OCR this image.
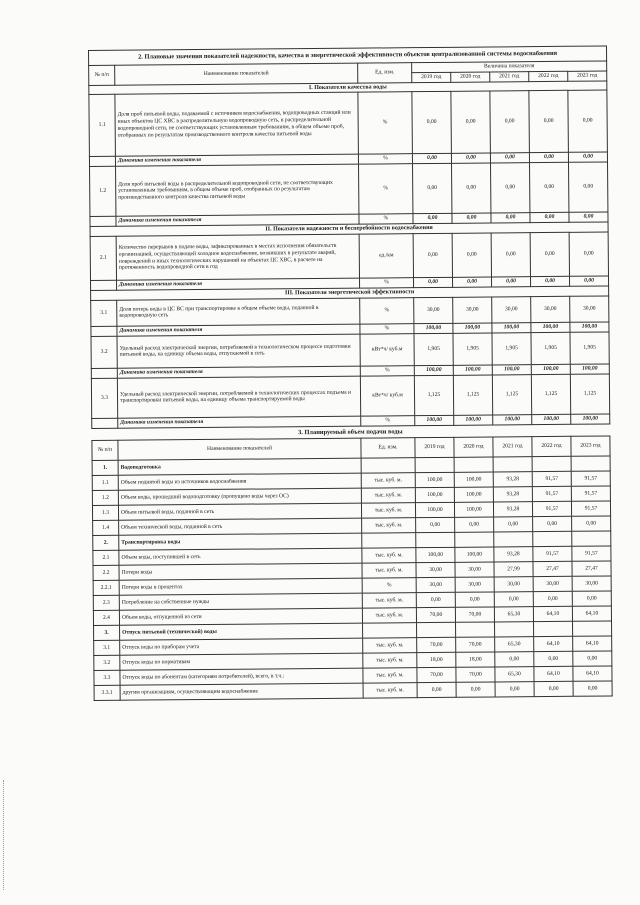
2. Плановые значения показателей надежности, качества и энергетической эффективности объектов централизованной системы водоснабжения							
№ п/п	Наименование показателей	Ед. изм.	Величина показателя				
			2019 год	2020 год	2021 год	2022 год	2023 год
I. Показатели качества воды							
1.1	Доля проб питьевой воды, подаваемой с источников водоснабжения, водопроводных станций или иных объектов ЦС ХВС в распределительную водопроводную сеть, в распределительной водопроводной сети, не соответствующих установленным требованиям, в общем объеме проб, отобранных по результатам производственного контроля качества питьевой воды	%	0,00	0,00	0,00	0,00	0,00
	Динамика изменения показателя	%	0,00	0,00	0,00	0,00	0,00
1.2	Доля проб питьевой воды в распределительной водопроводной сети, не соответствующих установленным требованиям, в общем объеме проб, отобранных по результатам производственного контроля качества питьевой воды	%	0,00	0,00	0,00	0,00	0,00
	Динамика изменения показателя	%	0,00	0,00	0,00	0,00	0,00
II. Показатели надежности и бесперебойности водоснабжения							
2.1	Количество перерывов в подаче воды, зафиксированных в местах исполнения обязательств организацией, осуществляющей холодное водоснабжение, возникших в результате аварий, повреждений и иных технологических нарушений на объектах ЦС ХВС, в расчете на протяженность водопроводной сети в год	ед./км	0,00	0,00	0,00	0,00	0,00
	Динамика изменения показателя	%	0,00	0,00	0,00	0,00	0,00
III. Показатели энергетической эффективности							
3.1	Доля потерь воды в ЦС ВС при транспортировке в общем объеме воды, поданной в водопроводную сеть	%	30,00	30,00	30,00	30,00	30,00
	Динамика изменения показателя	%	100,00	100,00	100,00	100,00	100,00
3.2	Удельный расход электрической энергии, потребляемой в технологическом процессе подготовки питьевой воды, на единицу объема воды, отпускаемой в сеть	кВт*ч/ куб.м	1,905	1,905	1,905	1,905	1,905
	Динамика изменения показателя	%	100,00	100,00	100,00	100,00	100,00
3.3	Удельный расход электрической энергии, потребляемой в технологических процессах подъема и транспортировки питьевой воды, на единицу объема транспортируемой воды	кВт*ч/ куб.м	1,125	1,125	1,125	1,125	1,125
	Динамика изменения показателя	%	100,00	100,00	100,00	100,00	100,00
3. Планируемый объем подачи воды
№ п/п	Наименование показателей	Ед. изм.	2019 год	2020 год	2021 год	2022 год	2023 год
1.	Водоподготовка						
1.1	Объем поднятой воды из источников водоснабжения	тыс. куб. м.	100,00	100,00	93,28	91,57	91,57
1.2	Объем воды, прошедший водоподготовку (пропущено воды через ОС)	тыс. куб. м.	100,00	100,00	93,28	91,57	91,57
1.3	Объем питьевой воды, поданной в сеть	тыс. куб. м.	100,00	100,00	93,28	91,57	91,57
1.4	Объем технической воды, поданной в сеть	тыс. куб. м.	0,00	0,00	0,00	0,00	0,00
2.	Транспортировка воды						
2.1	Объем воды, поступившей в сеть	тыс. куб. м.	100,00	100,00	93,28	91,57	91,57
2.2	Потери воды	тыс. куб. м.	30,00	30,00	27,99	27,47	27,47
2.2.1	Потери воды в процентах	%	30,00	30,00	30,00	30,00	30,00
2.3	Потребление на собственные нужды	тыс. куб. м.	0,00	0,00	0,00	0,00	0,00
2.4	Объем воды, отпущенной из сети	тыс. куб. м.	70,00	70,00	65,30	64,10	64,10
3.	Отпуск питьевой (технической) воды						
3.1	Отпуск воды по приборам учета	тыс. куб. м.	70,00	70,00	65,30	64,10	64,10
3.2	Отпуск воды по нормативам	тыс. куб. м.	18,00	18,00	0,00	0,00	0,00
3.3	Отпуск воды по абонентам (категориям потребителей), всего, в т.ч.:	тыс. куб. м.	70,00	70,00	65,30	64,10	64,10
3.3.1	другим организациям, осуществляющим водоснабжение	тыс. куб. м.	0,00	0,00	0,00	0,00	0,00
